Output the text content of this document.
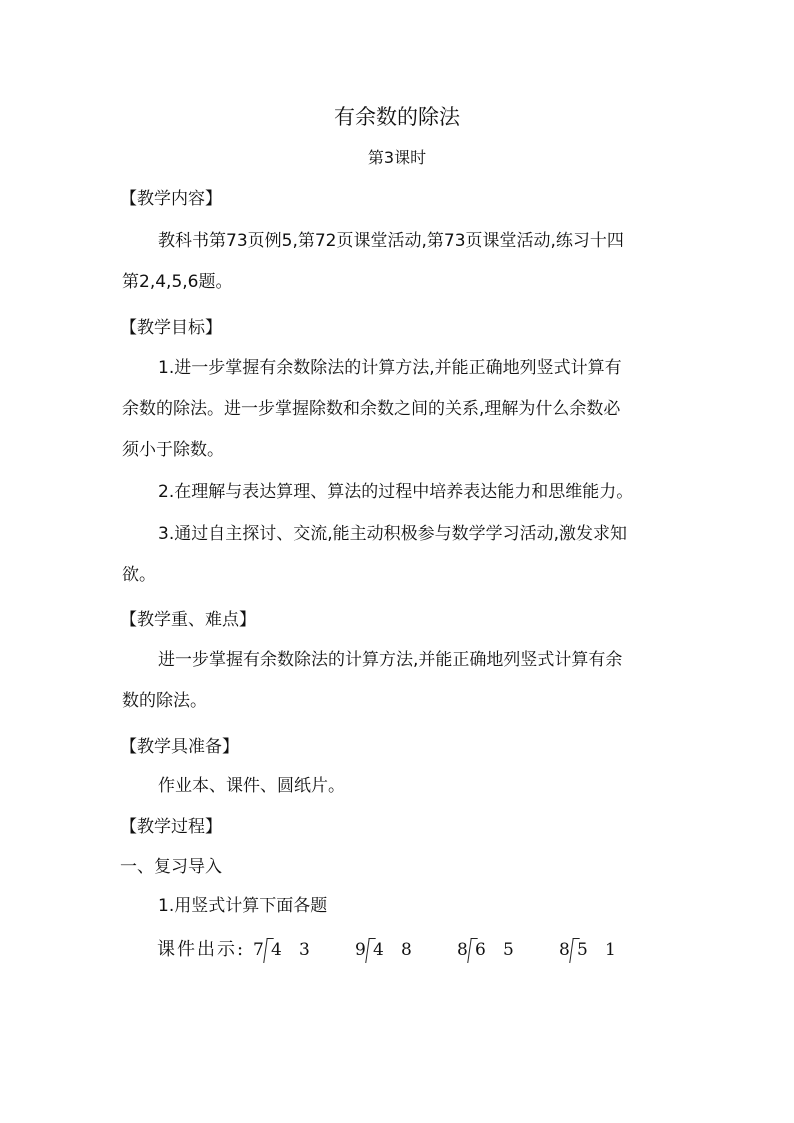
有余数的除法
第3课时
【教学内容】
教科书第73页例5,第72页课堂活动,第73页课堂活动,练习十四
第2,4,5,6题。
【教学目标】
1.进一步掌握有余数除法的计算方法,并能正确地列竖式计算有
余数的除法。进一步掌握除数和余数之间的关系,理解为什么余数必
须小于除数。
2.在理解与表达算理、算法的过程中培养表达能力和思维能力。
3.通过自主探讨、交流,能主动积极参与数学学习活动,激发求知
欲。
【教学重、难点】
进一步掌握有余数除法的计算方法,并能正确地列竖式计算有余
数的除法。
【教学具准备】
作业本、课件、圆纸片。
【教学过程】
一、复习导入
1.用竖式计算下面各题
课件出示: 7 4 3	9 4 8	8 6 5	8 5 1
